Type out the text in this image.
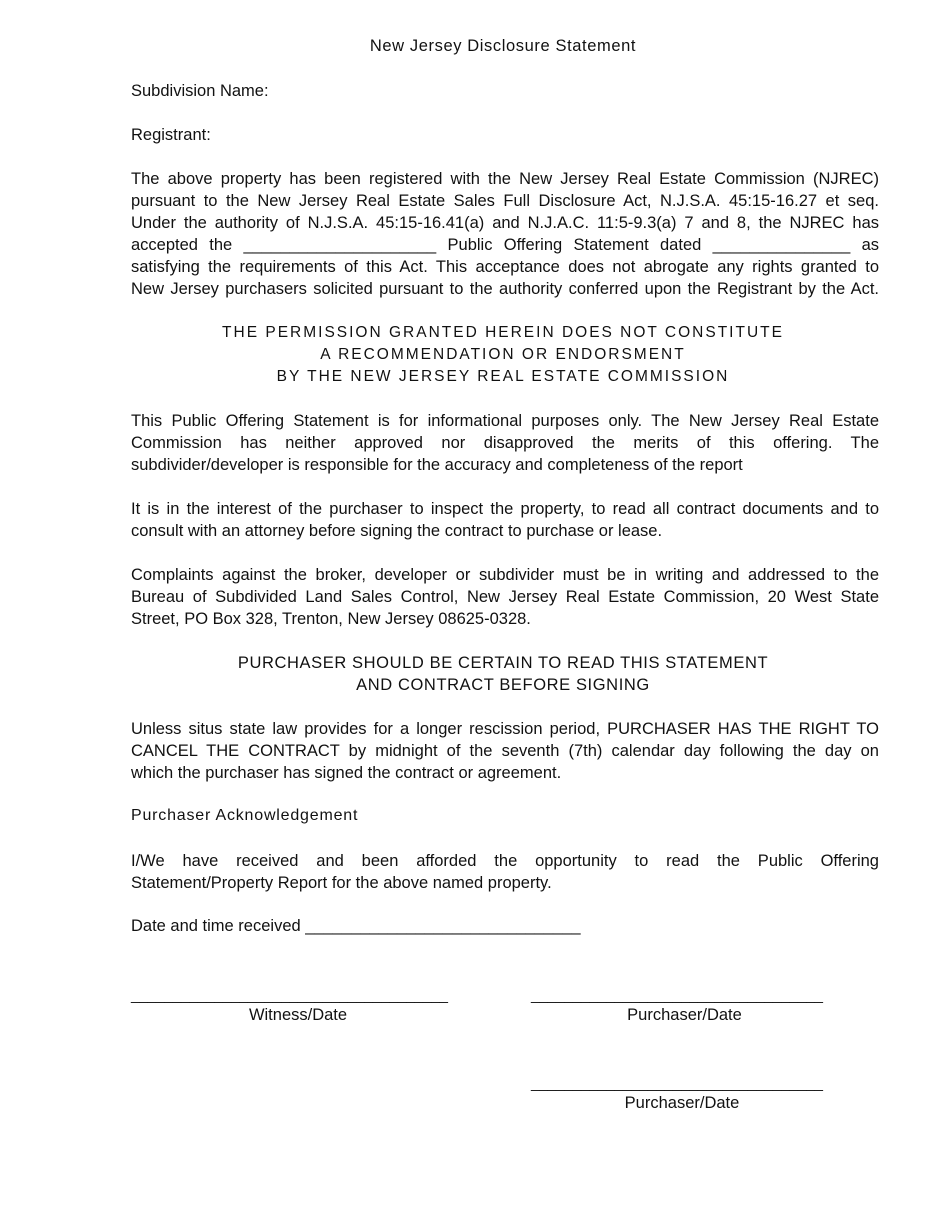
New Jersey Disclosure Statement
Subdivision Name:
Registrant:
The above property has been registered with the New Jersey Real Estate Commission (NJREC)
pursuant to the New Jersey Real Estate Sales Full Disclosure Act, N.J.S.A. 45:15-16.27 et seq.
Under the authority of N.J.S.A. 45:15-16.41(a) and N.J.A.C. 11:5-9.3(a) 7 and 8, the NJREC has
accepted the _____________________ Public Offering Statement dated _______________ as
satisfying the requirements of this Act. This acceptance does not abrogate any rights granted to
New Jersey purchasers solicited pursuant to the authority conferred upon the Registrant by the Act.
THE PERMISSION GRANTED HEREIN DOES NOT CONSTITUTE
A RECOMMENDATION OR ENDORSMENT
BY THE NEW JERSEY REAL ESTATE COMMISSION
This Public Offering Statement is for informational purposes only. The New Jersey Real Estate
Commission has neither approved nor disapproved the merits of this offering. The
subdivider/developer is responsible for the accuracy and completeness of the report
It is in the interest of the purchaser to inspect the property, to read all contract documents and to
consult with an attorney before signing the contract to purchase or lease.
Complaints against the broker, developer or subdivider must be in writing and addressed to the
Bureau of Subdivided Land Sales Control, New Jersey Real Estate Commission, 20 West State
Street, PO Box 328, Trenton, New Jersey 08625-0328.
PURCHASER SHOULD BE CERTAIN TO READ THIS STATEMENT
AND CONTRACT BEFORE SIGNING
Unless situs state law provides for a longer rescission period, PURCHASER HAS THE RIGHT TO
CANCEL THE CONTRACT by midnight of the seventh (7th) calendar day following the day on
which the purchaser has signed the contract or agreement.
Purchaser Acknowledgement
I/We have received and been afforded the opportunity to read the Public Offering
Statement/Property Report for the above named property.
Date and time received ______________________________
______________________________________
Witness/Date
___________________________________
Purchaser/Date
___________________________________
Purchaser/Date
